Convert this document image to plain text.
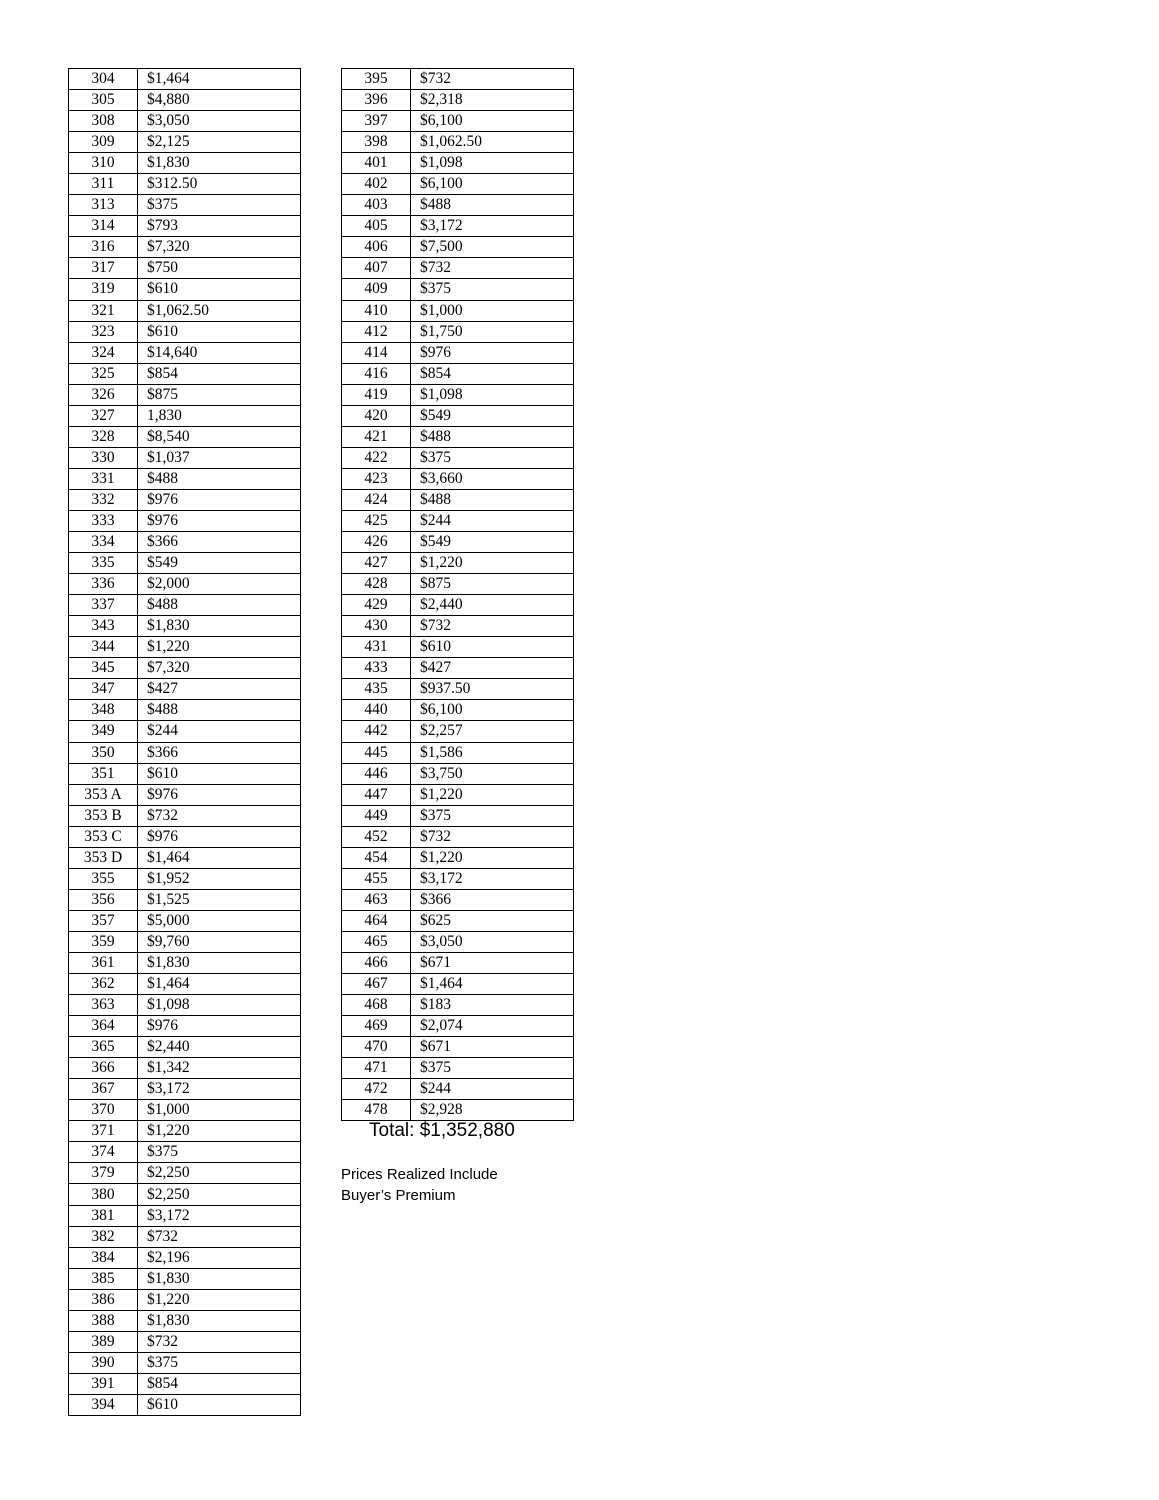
304	$1,464
305	$4,880
308	$3,050
309	$2,125
310	$1,830
311	$312.50
313	$375
314	$793
316	$7,320
317	$750
319	$610
321	$1,062.50
323	$610
324	$14,640
325	$854
326	$875
327	1,830
328	$8,540
330	$1,037
331	$488
332	$976
333	$976
334	$366
335	$549
336	$2,000
337	$488
343	$1,830
344	$1,220
345	$7,320
347	$427
348	$488
349	$244
350	$366
351	$610
353 A	$976
353 B	$732
353 C	$976
353 D	$1,464
355	$1,952
356	$1,525
357	$5,000
359	$9,760
361	$1,830
362	$1,464
363	$1,098
364	$976
365	$2,440
366	$1,342
367	$3,172
370	$1,000
371	$1,220
374	$375
379	$2,250
380	$2,250
381	$3,172
382	$732
384	$2,196
385	$1,830
386	$1,220
388	$1,830
389	$732
390	$375
391	$854
394	$610
395	$732
396	$2,318
397	$6,100
398	$1,062.50
401	$1,098
402	$6,100
403	$488
405	$3,172
406	$7,500
407	$732
409	$375
410	$1,000
412	$1,750
414	$976
416	$854
419	$1,098
420	$549
421	$488
422	$375
423	$3,660
424	$488
425	$244
426	$549
427	$1,220
428	$875
429	$2,440
430	$732
431	$610
433	$427
435	$937.50
440	$6,100
442	$2,257
445	$1,586
446	$3,750
447	$1,220
449	$375
452	$732
454	$1,220
455	$3,172
463	$366
464	$625
465	$3,050
466	$671
467	$1,464
468	$183
469	$2,074
470	$671
471	$375
472	$244
478	$2,928
Total: $1,352,880
Prices Realized Include
Buyer’s Premium
